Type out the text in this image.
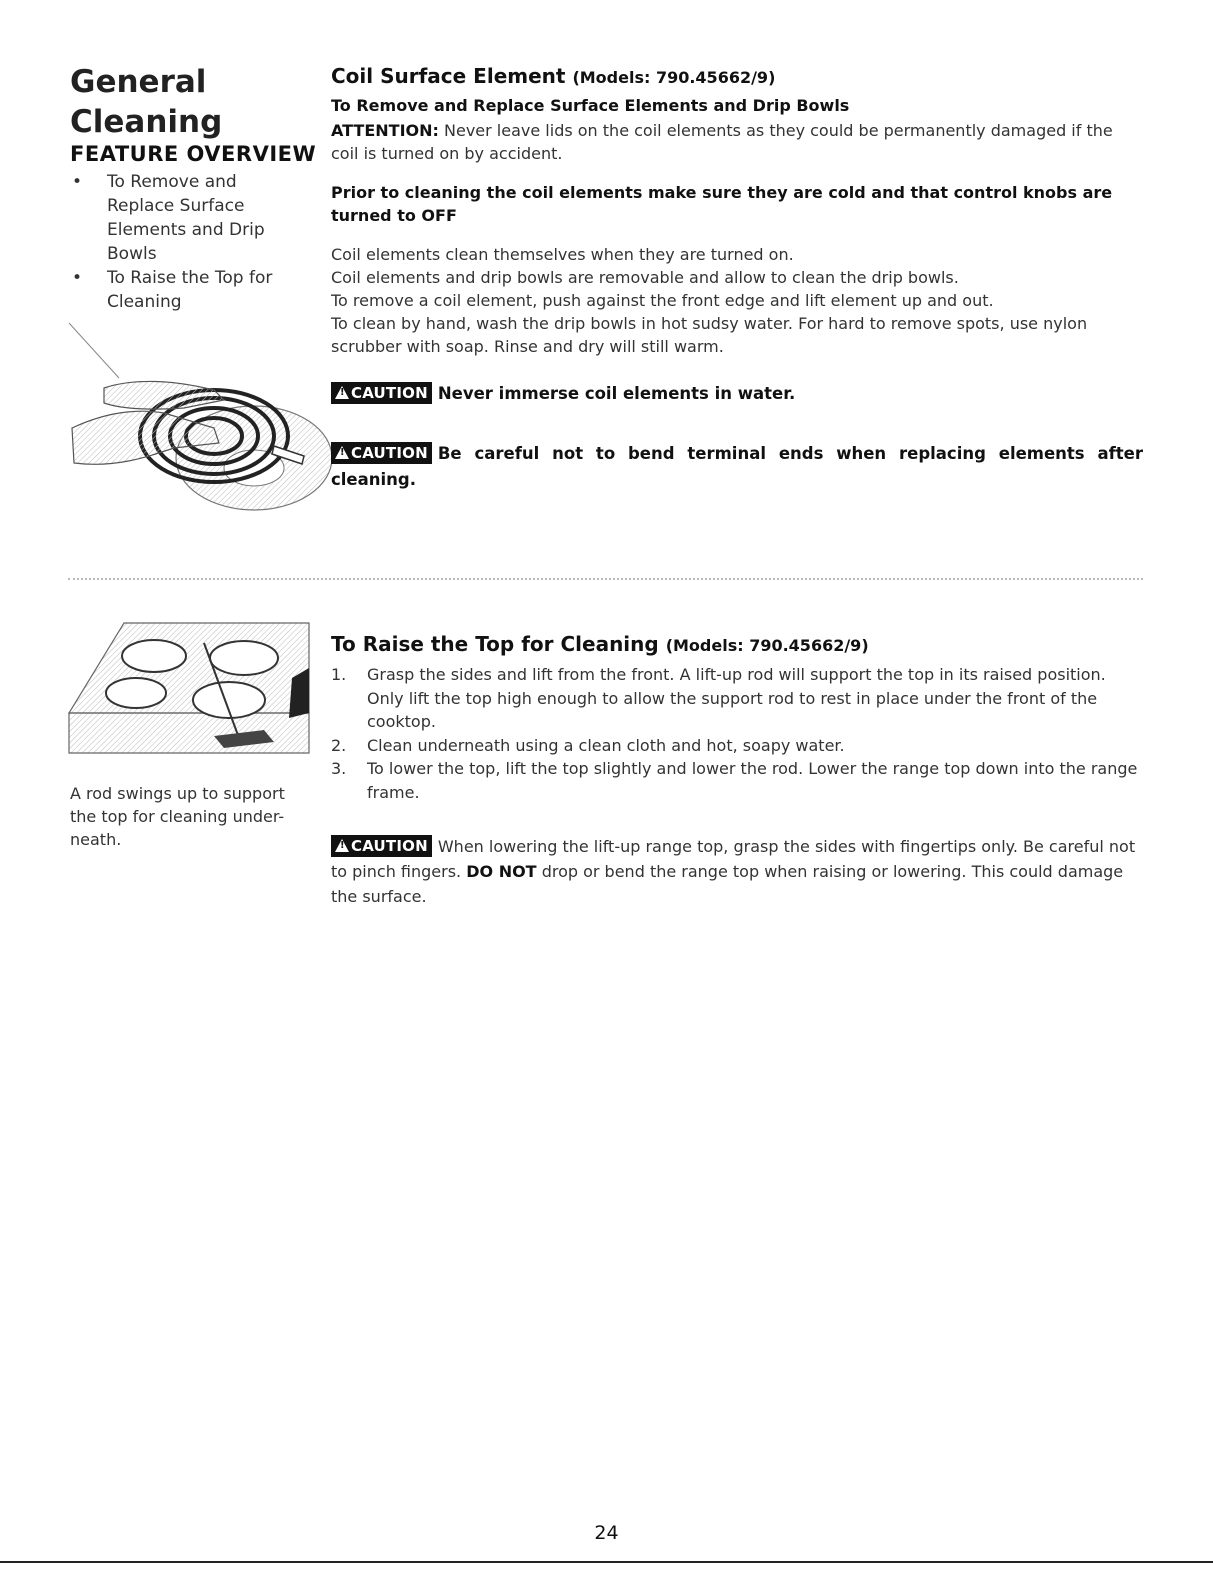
General
Cleaning
FEATURE OVERVIEW
• To Remove and Replace Surface Elements and Drip Bowls
• To Raise the Top for Cleaning
Coil Surface Element (Models: 790.45662/9)
To Remove and Replace Surface Elements and Drip Bowls
ATTENTION: Never leave lids on the coil elements as they could be permanently damaged if the coil is turned on by accident.
Prior to cleaning the coil elements make sure they are cold and that control knobs are turned to OFF
Coil elements clean themselves when they are turned on.
Coil elements and drip bowls are removable and allow to clean the drip bowls.
To remove a coil element, push against the front edge and lift element up and out.
To clean by hand, wash the drip bowls in hot sudsy water. For hard to remove spots, use nylon scrubber with soap. Rinse and dry will still warm.
!CAUTION Never immerse coil elements in water.
!CAUTION Be careful not to bend terminal ends when replacing elements after cleaning.
To Raise the Top for Cleaning (Models: 790.45662/9)
1. Grasp the sides and lift from the front. A lift-up rod will support the top in its raised position. Only lift the top high enough to allow the support rod to rest in place under the front of the cooktop.
2. Clean underneath using a clean cloth and hot, soapy water.
3. To lower the top, lift the top slightly and lower the rod. Lower the range top down into the range frame.
!CAUTION When lowering the lift-up range top, grasp the sides with fingertips only. Be careful not to pinch fingers. DO NOT drop or bend the range top when raising or lowering. This could damage the surface.
A rod swings up to support the top for cleaning under-neath.
24
